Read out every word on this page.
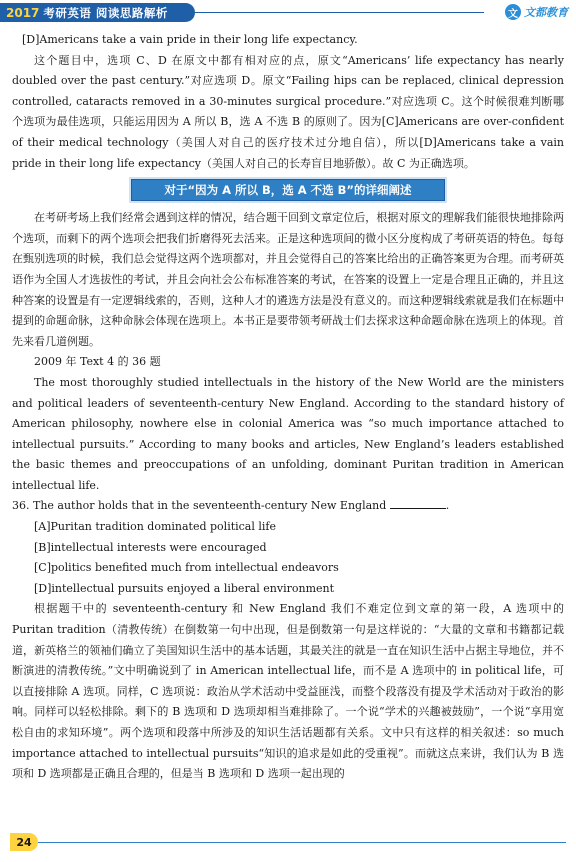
2017 考研英语 阅读思路解析	文 文都教育

[D]Americans take a vain pride in their long life expectancy.

这个题目中，选项 C、D 在原文中都有相对应的点，原文“Americans’ life expectancy has nearly doubled over the past century.”对应选项 D。原文“Failing hips can be replaced, clinical depression controlled, cataracts removed in a 30-minutes surgical procedure.”对应选项 C。这个时候很难判断哪个选项为最佳选项，只能运用因为 A 所以 B，选 A 不选 B 的原则了。因为[C]Americans are over-confident of their medical technology（美国人对自己的医疗技术过分地自信），所以[D]Americans take a vain pride in their long life expectancy（美国人对自己的长寿盲目地骄傲）。故 C 为正确选项。

对于“因为 A 所以 B，选 A 不选 B”的详细阐述

在考研考场上我们经常会遇到这样的情况，结合题干回到文章定位后，根据对原文的理解我们能很快地排除两个选项，而剩下的两个选项会把我们折磨得死去活来。正是这种选项间的微小区分度构成了考研英语的特色。每每在甄别选项的时候，我们总会觉得这两个选项都对，并且会觉得自己的答案比给出的正确答案更为合理。而考研英语作为全国人才选拔性的考试，并且会向社会公布标准答案的考试，在答案的设置上一定是合理且正确的，并且这种答案的设置是有一定逻辑线索的，否则，这种人才的遴选方法是没有意义的。而这种逻辑线索就是我们在标题中提到的命题命脉，这种命脉会体现在选项上。本书正是要带领考研战士们去探求这种命题命脉在选项上的体现。首先来看几道例题。

2009 年 Text 4 的 36 题

The most thoroughly studied intellectuals in the history of the New World are the ministers and political leaders of seventeenth-century New England. According to the standard history of American philosophy, nowhere else in colonial America was “so much importance attached to intellectual pursuits.” According to many books and articles, New England’s leaders established the basic themes and preoccupations of an unfolding, dominant Puritan tradition in American intellectual life.

36. The author holds that in the seventeenth-century New England	.

[A]Puritan tradition dominated political life

[B]intellectual interests were encouraged

[C]politics benefited much from intellectual endeavors

[D]intellectual pursuits enjoyed a liberal environment

根据题干中的 seventeenth-century 和 New England 我们不难定位到文章的第一段，A 选项中的 Puritan tradition（清教传统）在倒数第一句中出现，但是倒数第一句是这样说的：“大量的文章和书籍都记载道，新英格兰的领袖们确立了美国知识生活中的基本话题，其最关注的就是一直在知识生活中占据主导地位，并不断演进的清教传统。”文中明确说到了 in American intellectual life，而不是 A 选项中的 in political life，可以直接排除 A 选项。同样，C 选项说：政治从学术活动中受益匪浅，而整个段落没有提及学术活动对于政治的影响。同样可以轻松排除。剩下的 B 选项和 D 选项却相当难排除了。一个说“学术的兴趣被鼓励”，一个说“享用宽松自由的求知环境”。两个选项和段落中所涉及的知识生活话题都有关系。文中只有这样的相关叙述：so much importance attached to intellectual pursuits“知识的追求是如此的受重视”。而就这点来讲，我们认为 B 选项和 D 选项都是正确且合理的，但是当 B 选项和 D 选项一起出现的

24
